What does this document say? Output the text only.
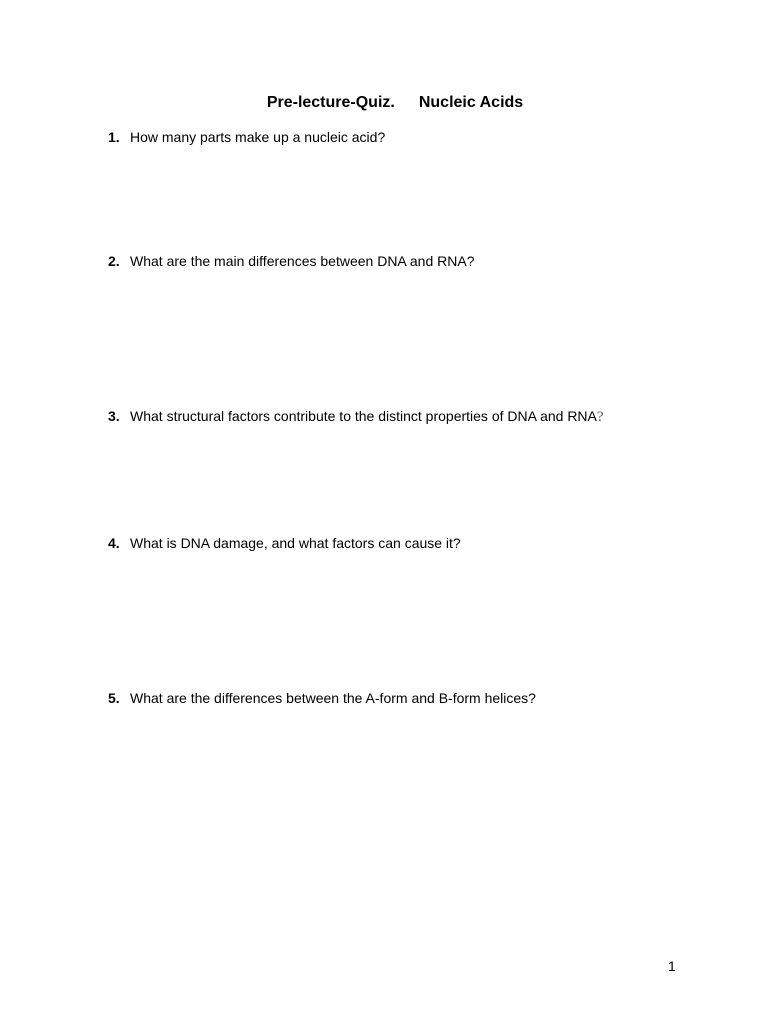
Pre-lecture-Quiz. Nucleic Acids
1. How many parts make up a nucleic acid?
2. What are the main differences between DNA and RNA?
3. What structural factors contribute to the distinct properties of DNA and RNA?
4. What is DNA damage, and what factors can cause it?
5. What are the differences between the A-form and B-form helices?
1
